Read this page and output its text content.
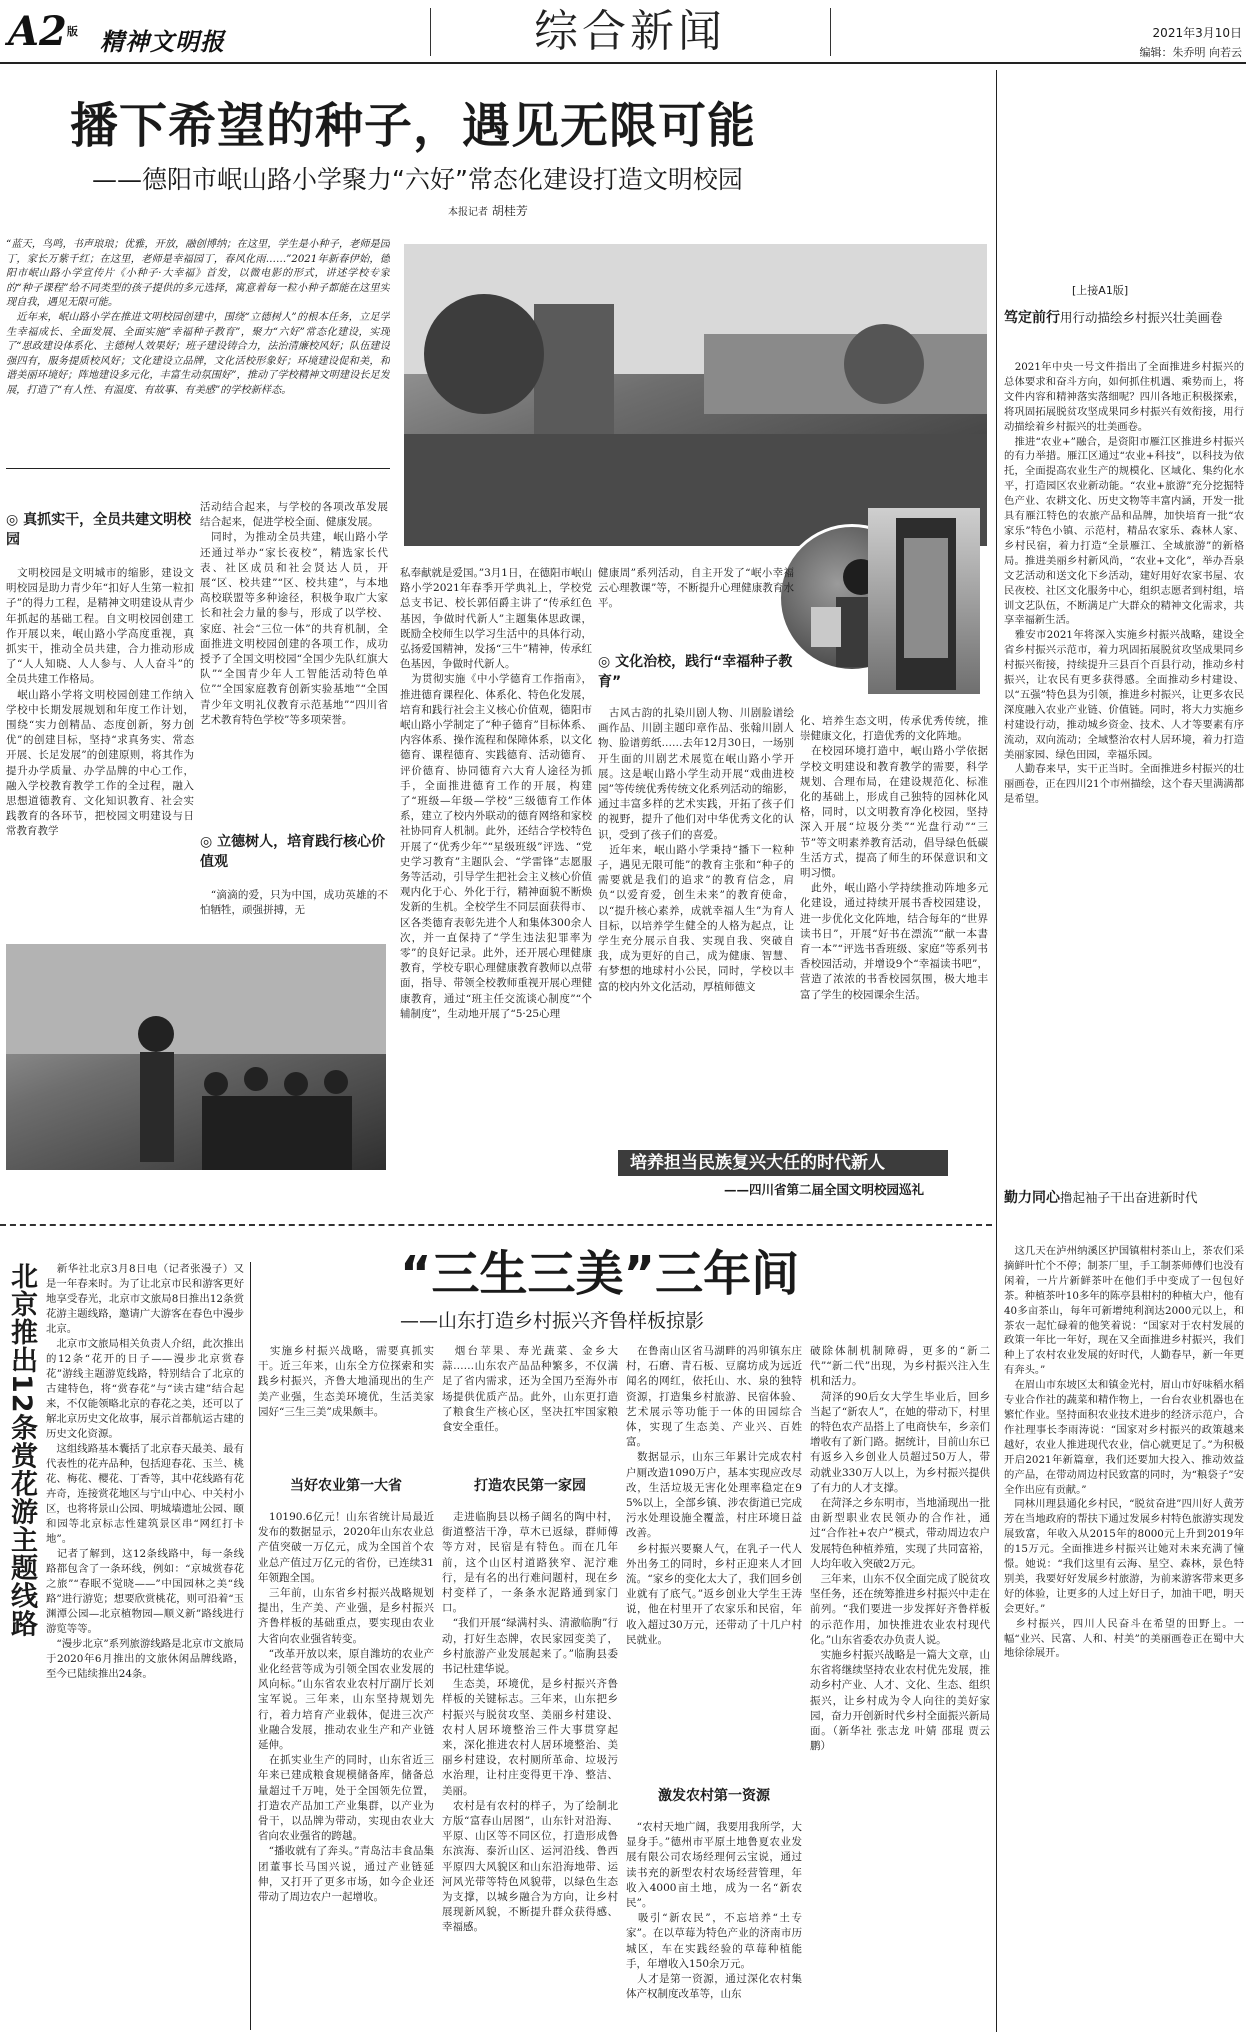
A2版 精神文明报	综合新闻	2021年3月10日
编辑：朱乔明 向若云
播下希望的种子，遇见无限可能
——德阳市岷山路小学聚力“六好”常态化建设打造文明校园
本报记者 胡桂芳
“蓝天，鸟鸣，书声琅琅；优雅，开放，融创博纳；在这里，学生是小种子，老师是园丁，家长万紫千红；在这里，老师是幸福园丁，春风化雨……”2021年新春伊始，德阳市岷山路小学宣传片《小种子·大幸福》首发，以微电影的形式，讲述学校专家的“种子课程”给不同类型的孩子提供的多元选择，寓意着每一粒小种子都能在这里实现自我，遇见无限可能。
　近年来，岷山路小学在推进文明校园创建中，围绕“立德树人”的根本任务，立足学生幸福成长、全面发展、全面实施“幸福种子教育”，聚力“六好”常态化建设，实现了“思政建设体系化、主德树人效果好；班子建设铸合力，法治清廉校风好；队伍建设强四有，服务提质校风好；文化建设立品牌，文化活校形象好；环境建设促和美，和谐美丽环境好；阵地建设多元化，丰富生动氛围好”，推动了学校精神文明建设长足发展，打造了“有人性、有温度、有故事、有美感”的学校新样态。
◎ 真抓实干，全员共建文明校园
　文明校园是文明城市的缩影，建设文明校园是助力青少年“扣好人生第一粒扣子”的得力工程，是精神文明建设从青少年抓起的基础工程。自文明校园创建工作开展以来，岷山路小学高度重视，真抓实干，推动全员共建，合力推动形成了“人人知晓、人人参与、人人奋斗”的全员共建工作格局。
　岷山路小学将文明校园创建工作纳入学校中长期发展规划和年度工作计划，围绕“实力创精品、态度创新，努力创优”的创建目标，坚持“求真务实、常态开展、长足发展”的创建原则，将其作为提升办学质量、办学品牌的中心工作，融入学校教育教学工作的全过程，融入思想道德教育、文化知识教育、社会实践教育的各环节，把校园文明建设与日常教育教学
活动结合起来，与学校的各项改革发展结合起来，促进学校全面、健康发展。
　同时，为推动全员共建，岷山路小学还通过举办“家长夜校”，精选家长代表、社区成员和社会贤达人员，开展“区、校共建”“区、校共建”，与本地高校联盟等多种途径，积极争取广大家长和社会力量的参与，形成了以学校、家庭、社会“三位一体”的共育机制，全面推进文明校园创建的各项工作，成功授予了全国文明校园“全国少先队红旗大队”“全国青少年人工智能活动特色单位”“全国家庭教育创新实验基地”“全国青少年文明礼仪教育示范基地”“四川省艺术教育特色学校”等多项荣誉。
◎ 立德树人，培育践行核心价值观
　“滴滴的爱，只为中国，成功英雄的不怕牺牲，顽强拼搏，无
私奉献就是爱国。”3月1日，在德阳市岷山路小学2021年春季开学典礼上，学校党总支书记、校长郭佰爵主讲了“传承红色基因，争做时代新人”主题集体思政课，既励全校师生以学习生活中的具体行动，弘扬爱国精神，发扬“三牛”精神，传承红色基因，争做时代新人。
　为贯彻实施《中小学德育工作指南》，推进德育课程化、体系化、特色化发展，培育和践行社会主义核心价值观，德阳市岷山路小学制定了“种子德育”目标体系、内容体系、操作流程和保障体系，以文化德育、课程德育、实践德育、活动德育、评价德育、协同德育六大育人途径为抓手，全面推进德育工作的开展，构建了“班级—年级—学校”三级德育工作体系，建立了校内外联动的德育网络和家校社协同育人机制。此外，还结合学校特色开展了“优秀少年”“星级班级”评选、“党史学习教育”主题队会、“学雷锋”志愿服务等活动，引导学生把社会主义核心价值观内化于心、外化于行，精神面貌不断焕发新的生机。全校学生不同层面获得市、区各类德育表彰先进个人和集体300余人次，并一直保持了“学生违法犯罪率为零”的良好记录。此外，还开展心理健康教育，学校专职心理健康教育教师以点带面，指导、带领全校教师重视开展心理健康教育，通过“班主任交流谈心制度”“个辅制度”，生动地开展了“5·25心理
健康周”系列活动，自主开发了“岷小幸福云心理教课”等，不断提升心理健康教育水平。
◎ 文化治校，践行“幸福种子教育”
　古风古韵的扎染川剧人物、川剧脸谱绘画作品、川剧主题印章作品、张翰川剧人物、脸谱剪纸……去年12月30日，一场别开生面的川剧艺术展览在岷山路小学开展。这是岷山路小学生动开展“戏曲进校园”等传统优秀传统文化系列活动的缩影，通过丰富多样的艺术实践，开拓了孩子们的视野，提升了他们对中华优秀文化的认识，受到了孩子们的喜爱。
　近年来，岷山路小学秉持“播下一粒种子，遇见无限可能”的教育主张和“种子的需要就是我们的追求”的教育信念，肩负“以爱育爱，创生未来”的教育使命，以“提升核心素养，成就幸福人生”为育人目标，以培养学生健全的人格为起点，让学生充分展示自我、实现自我、突破自我，成为更好的自己，成为健康、智慧、有梦想的地球村小公民，同时，学校以丰富的校内外文化活动，厚植师德文
化、培养生态文明，传承优秀传统，推崇健康文化，打造优秀的文化阵地。
　在校园环境打造中，岷山路小学依据学校文明建设和教育教学的需要，科学规划、合理布局，在建设规范化、标准化的基础上，形成自己独特的园林化风格，同时，以文明教育净化校园，坚持深入开展“垃圾分类”“光盘行动”“三节”等文明素养教育活动，倡导绿色低碳生活方式，提高了师生的环保意识和文明习惯。
　此外，岷山路小学持续推动阵地多元化建设，通过持续开展书香校园建设，进一步优化文化阵地，结合每年的“世界读书日”，开展“好书在漂流”“献一本書育一本”“评选书香班级、家庭”等系列书香校园活动，并增设9个“幸福读书吧”，营造了浓浓的书香校园氛围，极大地丰富了学生的校园课余生活。
培养担当民族复兴大任的时代新人
——四川省第二届全国文明校园巡礼
[上接A1版]
笃定前行用行动描绘乡村振兴壮美画卷
　2021年中央一号文件指出了全面推进乡村振兴的总体要求和奋斗方向，如何抓住机遇、乘势而上，将文件内容和精神落实落细呢？四川各地正积极探索，将巩固拓展脱贫攻坚成果同乡村振兴有效衔接，用行动描绘着乡村振兴的壮美画卷。
　推进“农业+”融合，是资阳市雁江区推进乡村振兴的有力举措。雁江区通过“农业+科技”，以科技为依托，全面提高农业生产的规模化、区域化、集约化水平，打造园区农业新动能。“农业+旅游”充分挖掘特色产业、农耕文化、历史文物等丰富内涵，开发一批具有雁江特色的农旅产品和品牌，加快培育一批“农家乐”特色小镇、示范村，精品农家乐、森林人家、乡村民宿，着力打造“全景雁江、全域旅游”的新格局。推进美丽乡村新风尚，“农业+文化”，举办吾泉文艺活动和送文化下乡活动，建好用好农家书屋、农民夜校、社区文化服务中心，组织志愿者到村组，培训文艺队伍，不断满足广大群众的精神文化需求，共享幸福新生活。
　雅安市2021年将深入实施乡村振兴战略，建设全省乡村振兴示范市，着力巩固拓展脱贫攻坚成果同乡村振兴衔接，持续提升三县百个百县行动，推动乡村振兴，让农民有更多获得感。全面推动乡村建设、以“五强”特色县为引领，推进乡村振兴，让更多农民深度融入农业产业链、价值链。同时，将大力实施乡村建设行动，推动城乡资金、技术、人才等要素有序流动，双向流动；全域整治农村人居环境，着力打造美丽家园、绿色田园，幸福乐园。
　人勤春来早，实干正当时。全面推进乡村振兴的壮丽画卷，正在四川21个市州描绘，这个春天里满满都是希望。
勤力同心撸起袖子干出奋进新时代
　这几天在泸州纳溪区护国镇柑村茶山上，茶农们采摘鲜叶忙个不停；制茶厂里，手工制茶师傅们也没有闲着，一片片新鲜茶叶在他们手中变成了一包包好茶。种植茶叶10多年的陈亭县柑村的种植大户，他有40多亩茶山，每年可新增纯利润达2000元以上，和茶农一起忙碌着的他笑着说：“国家对于农村发展的政策一年比一年好，现在又全面推进乡村振兴，我们种上了农村农业发展的好时代，人勤春早，新一年更有奔头。”
　在眉山市东坡区太和镇金光村，眉山市好味稻水稻专业合作社的蔬菜和精作物上，一台台农业机器也在繁忙作业。坚持面积农业技术进步的经济示范户，合作社理事长李雨涛说：“国家对乡村振兴的政策越来越好，农业人推进现代农业，信心就更足了。”为积极开启2021年新篇章，我们还要加大投入、推动效益的产品，在带动周边村民致富的同时，为“粮袋子”安全作出应有贡献。”
　同林川理县通化乡村民，“脱贫奋进”四川好人黄芳芳在当地政府的帮扶下通过发展乡村特色旅游实现发展致富，年收入从2015年的8000元上升到2019年的15万元。全面推进乡村振兴让她对未来充满了憧憬。她说：“我们这里有云海、星空、森林，景色特别美，我要好好发展乡村旅游，为前来游客带来更多好的体验，让更多的人过上好日子，加油干吧，明天会更好。”
　乡村振兴，四川人民奋斗在希望的田野上。一幅“业兴、民富、人和、村美”的美丽画卷正在蜀中大地徐徐展开。
“三生三美”三年间
——山东打造乡村振兴齐鲁样板掠影
北京推出12条赏花游主题线路	　新华社北京3月8日电（记者张漫子）又是一年春来时。为了让北京市民和游客更好地享受春光，北京市文旅局8日推出12条赏花游主题线路，邀请广大游客在春色中漫步北京。
　北京市文旅局相关负责人介绍，此次推出的12条“花开的日子——漫步北京赏春花”游线主题游览线路，特别结合了北京的古建特色，将“赏春花”与“读古建”结合起来，不仅能领略北京的春花之美，还可以了解北京历史文化故事，展示首都航运古建的历史文化资源。
　这组线路基本囊括了北京春天最美、最有代表性的花卉品种，包括迎春花、玉兰、桃花、梅花、樱花、丁香等，其中花线路有花卉奇，连接赏花地区与宁山中心、中关村小区，也将将景山公园、明城墙遗址公园、颐和园等北京标志性建筑景区串“网红打卡地”。
　记者了解到，这12条线路中，每一条线路都包含了一条环线，例如：“京城赏春花之旅”“春眠不觉晓——”中国园林之美“线路”进行游览；想要欣赏桃花，则可沿着“玉渊潭公园—北京植物园—顺义新”路线进行游览等等。
　“漫步北京”系列旅游线路是北京市文旅局于2020年6月推出的文旅休闲品牌线路，至今已陆续推出24条。
　实施乡村振兴战略，需要真抓实干。近三年来，山东全方位探索和实践乡村振兴，齐鲁大地涌现出的生产美产业强，生态美环境优，生活美家园好“三生三美”成果颇丰。
当好农业第一大省
　10190.6亿元！山东省统计局最近发布的数据显示，2020年山东农业总产值突破一万亿元，成为全国首个农业总产值过万亿元的省份，已连续31年领跑全国。
　三年前，山东省乡村振兴战略规划提出，生产美、产业强，是乡村振兴齐鲁样板的基础重点，要实现由农业大省向农业强省转变。
　“改革开放以来，原自潍坊的农业产业化经营等成为引领全国农业发展的风向标。”山东省农业农村厅副厅长刘宝军说。三年来，山东坚持规划先行，着力培育产业载体，促进三次产业融合发展，推动农业生产和产业链延伸。
　在抓实业生产的同时，山东省近三年来已建成粮食规模储备库，储备总量超过千万吨，处于全国领先位置，打造农产品加工产业集群，以产业为骨干，以品牌为带动，实现由农业大省向农业强省的跨越。
　“播收就有了奔头。”青岛沽丰食品集团董事长马国兴说，通过产业链延伸，又打开了更多市场，如今企业还带动了周边农户一起增收。
　烟台苹果、寿光蔬菜、金乡大蒜……山东农产品品种繁多，不仅满足了省内需求，还为全国乃至海外市场提供优质产品。此外，山东更打造了粮食生产核心区，坚决扛牢国家粮食安全重任。
打造农民第一家园
　走进临朐县以杨子阔名的陶中村，街道整洁干净，草木已返绿，群师傅等方对，民宿是有特色。而在几年前，这个山区村道路狭窄、泥泞难行，是有名的出行难问题村，现在乡村变样了，一条条水泥路通到家门口。
　“我们开展“绿满村头、清澈临朐”行动，打好生态牌，农民家园变美了，乡村旅游产业发展起来了。”临朐县委书记杜建华说。
　生态美，环境优，是乡村振兴齐鲁样板的关键标志。三年来，山东把乡村振兴与脱贫攻坚、美丽乡村建设、农村人居环境整治三件大事贯穿起来，深化推进农村人居环境整治、美丽乡村建设，农村厕所革命、垃圾污水治理，让村庄变得更干净、整洁、美丽。
　农村是有农村的样子，为了绘制北方版“富春山居图”，山东针对沿海、平原、山区等不同区位，打造形成鲁东滨海、泰沂山区、运河沿线、鲁西平原四大风貌区和山东沿海地带、运河风光带等特色风貌带，以绿色生态为支撑，以城乡融合为方向，让乡村展现新风貌，不断提升群众获得感、幸福感。
　在鲁南山区省马湖畔的冯卯镇东庄村，石磨、青石板、豆腐坊成为远近闻名的网红，依托山、水、泉的独特资源，打造集乡村旅游、民宿体验、艺术展示等功能于一体的田园综合体，实现了生态美、产业兴、百姓富。
　数据显示，山东三年累计完成农村户厕改造1090万户，基本实现应改尽改，生活垃圾无害化处理率稳定在95%以上，全部乡镇、涉农街道已完成污水处理设施全覆盖，村庄环境日益改善。
　乡村振兴要聚人气，在乳子一代人外出务工的同时，乡村正迎来人才回流。“家乡的变化太大了，我们回乡创业就有了底气。”返乡创业大学生王涛说，他在村里开了农家乐和民宿，年收入超过30万元，还带动了十几户村民就业。
激发农村第一资源
　“农村天地广阔，我要用我所学，大显身手。”德州市平原土地鲁夏农业发展有限公司农场经理何云宝说，通过读书充的新型农村农场经营管理，年收入4000亩土地，成为一名“新农民”。
　吸引“新农民”，不忘培养“土专家”。在以草莓为特色产业的济南市历城区，车在实践经验的草莓种植能手，年增收入150余万元。
　人才是第一资源，通过深化农村集体产权制度改革等，山东
破除体制机制障碍，更多的“新二代”“新二代”出现，为乡村振兴注入生机和活力。
　菏泽的90后女大学生毕业后，回乡当起了“新农人”，在她的带动下，村里的特色农产品搭上了电商快车，乡亲们增收有了新门路。据统计，目前山东已有返乡入乡创业人员超过50万人，带动就业330万人以上，为乡村振兴提供了有力的人才支撑。
　在菏泽之乡东明市，当地涌现出一批由新型职业农民领办的合作社，通过“合作社+农户”模式，带动周边农户发展特色种植养殖，实现了共同富裕，人均年收入突破2万元。
　三年来，山东不仅全面完成了脱贫攻坚任务，还在统筹推进乡村振兴中走在前列。“我们要进一步发挥好齐鲁样板的示范作用，加快推进农业农村现代化。”山东省委农办负责人说。
　实施乡村振兴战略是一篇大文章，山东省将继续坚持农业农村优先发展，推动乡村产业、人才、文化、生态、组织振兴，让乡村成为令人向往的美好家园，奋力开创新时代乡村全面振兴新局面。（新华社 张志龙 叶婧 邵琨 贾云鹏）
